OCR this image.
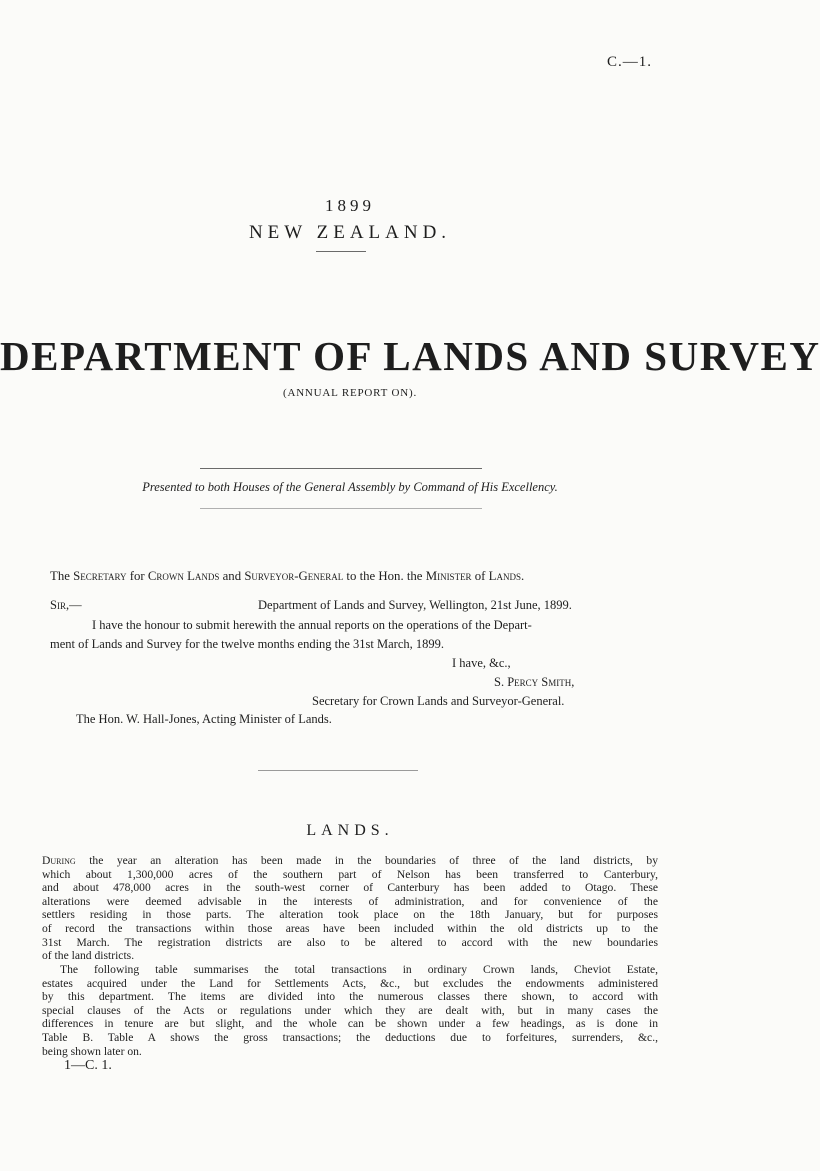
C.—1.
1899
NEW ZEALAND.
DEPARTMENT OF LANDS AND SURVEY
(ANNUAL REPORT ON).
Presented to both Houses of the General Assembly by Command of His Excellency.
The Secretary for Crown Lands and Surveyor-General to the Hon. the Minister of Lands.
Sir,—	Department of Lands and Survey, Wellington, 21st June, 1899.
I have the honour to submit herewith the annual reports on the operations of the Depart-
ment of Lands and Survey for the twelve months ending the 31st March, 1899.
I have, &c.,
S. Percy Smith,
Secretary for Crown Lands and Surveyor-General.
The Hon. W. Hall-Jones, Acting Minister of Lands.
LANDS.
During the year an alteration has been made in the boundaries of three of the land districts, by
which about 1,300,000 acres of the southern part of Nelson has been transferred to Canterbury,
and about 478,000 acres in the south-west corner of Canterbury has been added to Otago. These
alterations were deemed advisable in the interests of administration, and for convenience of the
settlers residing in those parts. The alteration took place on the 18th January, but for purposes
of record the transactions within those areas have been included within the old districts up to the
31st March. The registration districts are also to be altered to accord with the new boundaries
of the land districts.
The following table summarises the total transactions in ordinary Crown lands, Cheviot Estate,
estates acquired under the Land for Settlements Acts, &c., but excludes the endowments administered
by this department. The items are divided into the numerous classes there shown, to accord with
special clauses of the Acts or regulations under which they are dealt with, but in many cases the
differences in tenure are but slight, and the whole can be shown under a few headings, as is done in
Table B. Table A shows the gross transactions; the deductions due to forfeitures, surrenders, &c.,
being shown later on.
1—C. 1.
